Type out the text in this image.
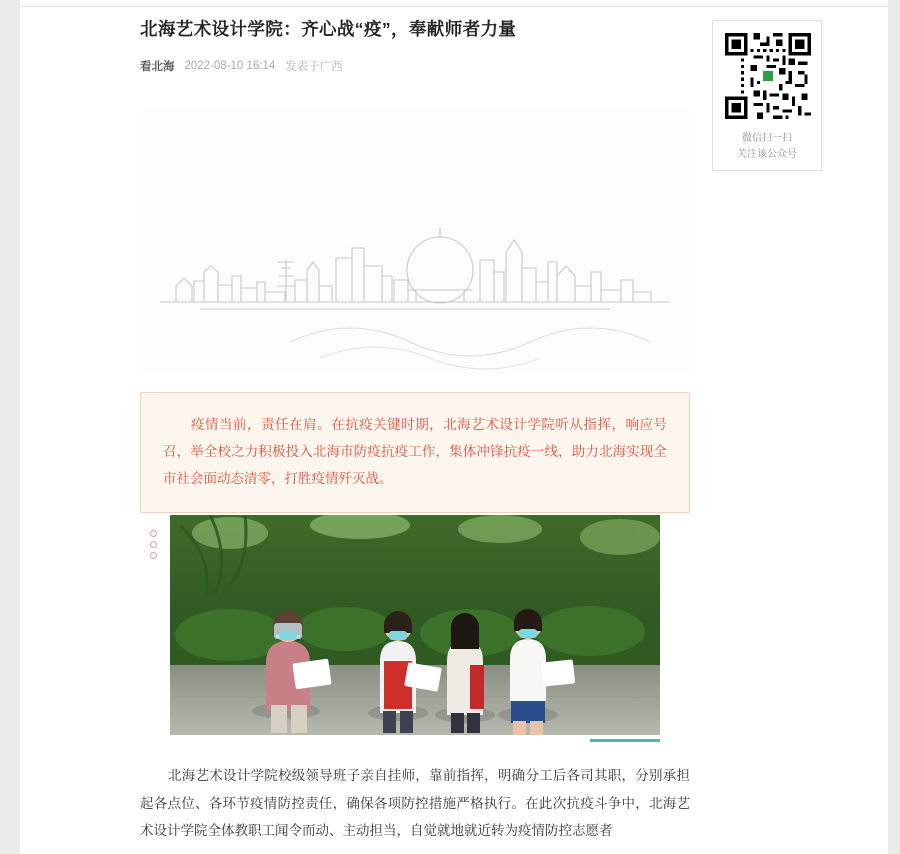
北海艺术设计学院：齐心战“疫”，奉献师者力量
看北海 2022-08-10 16:14 发表于广西

疫情当前，责任在肩。在抗疫关键时期，北海艺术设计学院听从指挥，响应号召，举全校之力积极投入北海市防疫抗疫工作，集体冲锋抗疫一线，助力北海实现全市社会面动态清零，打胜疫情歼灭战。

北海艺术设计学院校级领导班子亲自挂师，靠前指挥，明确分工后各司其职，分别承担起各点位、各环节疫情防控责任，确保各项防控措施严格执行。在此次抗疫斗争中，北海艺术设计学院全体教职工闻令而动、主动担当，自觉就地就近转为疫情防控志愿者

微信扫一扫
关注该公众号
